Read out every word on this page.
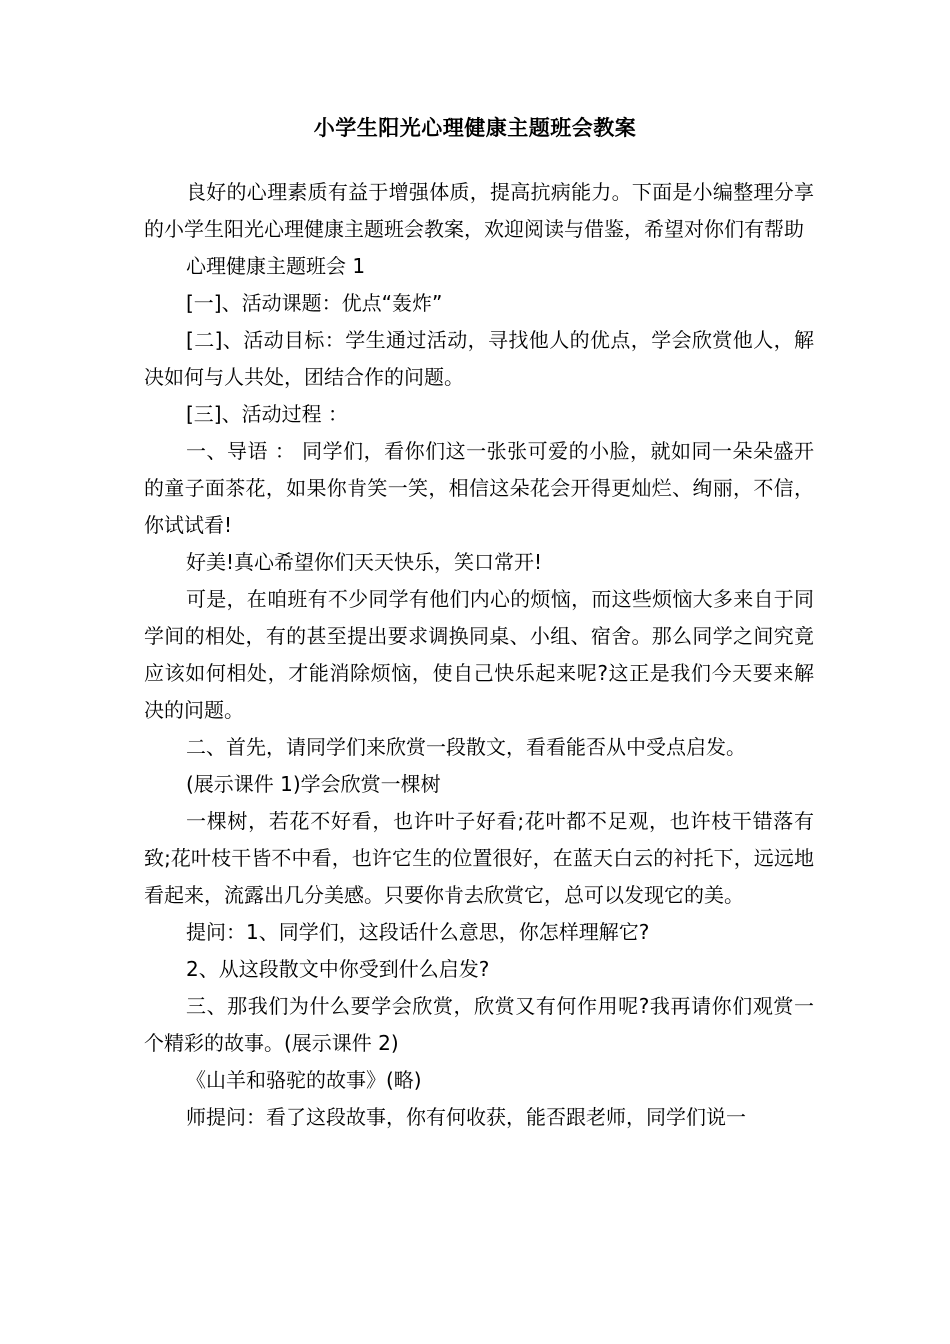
小学生阳光心理健康主题班会教案

良好的心理素质有益于增强体质，提高抗病能力。下面是小编整理分享的小学生阳光心理健康主题班会教案，欢迎阅读与借鉴，希望对你们有帮助

心理健康主题班会 1

[一]、活动课题：优点“轰炸”

[二]、活动目标：学生通过活动，寻找他人的优点，学会欣赏他人，解决如何与人共处，团结合作的问题。

[三]、活动过程 ：

一、导语 ： 同学们，看你们这一张张可爱的小脸，就如同一朵朵盛开的童子面茶花，如果你肯笑一笑，相信这朵花会开得更灿烂、绚丽，不信，你试试看!

好美!真心希望你们天天快乐，笑口常开!

可是，在咱班有不少同学有他们内心的烦恼，而这些烦恼大多来自于同学间的相处，有的甚至提出要求调换同桌、小组、宿舍。那么同学之间究竟应该如何相处，才能消除烦恼，使自己快乐起来呢?这正是我们今天要来解决的问题。

二、首先，请同学们来欣赏一段散文，看看能否从中受点启发。

(展示课件 1)学会欣赏一棵树

一棵树，若花不好看，也许叶子好看;花叶都不足观，也许枝干错落有致;花叶枝干皆不中看，也许它生的位置很好，在蓝天白云的衬托下，远远地看起来，流露出几分美感。只要你肯去欣赏它，总可以发现它的美。

提问：1、同学们，这段话什么意思，你怎样理解它?

2、从这段散文中你受到什么启发?

三、那我们为什么要学会欣赏，欣赏又有何作用呢?我再请你们观赏一个精彩的故事。(展示课件 2)

《山羊和骆驼的故事》(略)

师提问：看了这段故事，你有何收获，能否跟老师，同学们说一
